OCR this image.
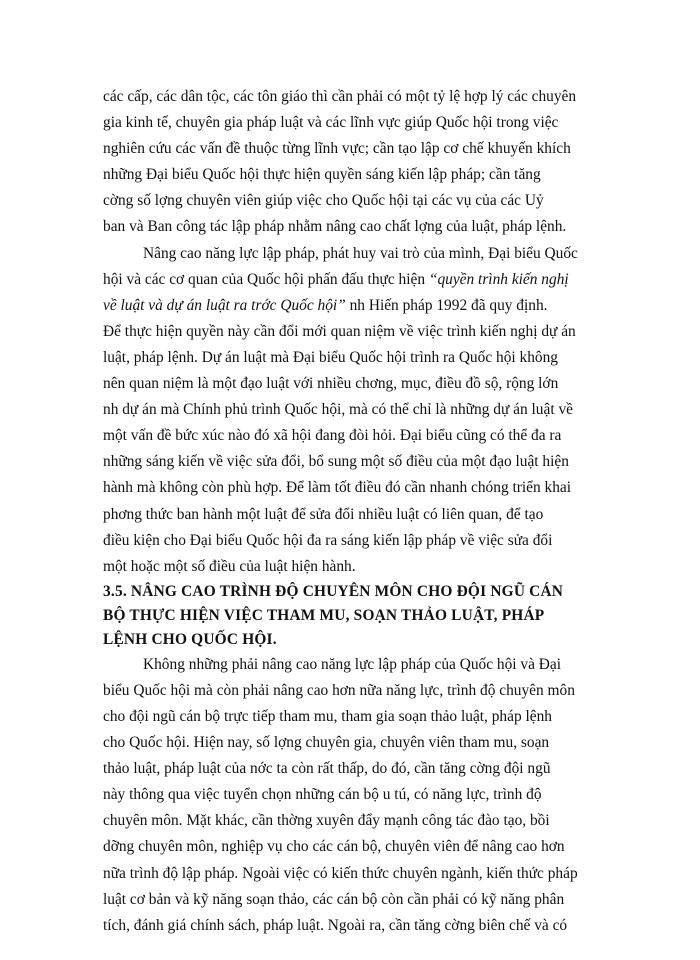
các cấp, các dân tộc, các tôn giáo thì cần phải có một tỷ lệ hợp lý các chuyên
gia kinh tế, chuyên gia pháp luật và các lĩnh vực giúp Quốc hội trong việc
nghiên cứu các vấn đề thuộc từng lĩnh vực; cần tạo lập cơ chế khuyến khích
những Đại biểu Quốc hội thực hiện quyền sáng kiến lập pháp; cần tăng
cờng số lợng chuyên viên giúp việc cho Quốc hội tại các vụ của các Uỷ
ban và Ban công tác lập pháp nhằm nâng cao chất lợng của luật, pháp lệnh.

Nâng cao năng lực lập pháp, phát huy vai trò của mình, Đại biểu Quốc
hội và các cơ quan của Quốc hội phấn đấu thực hiện “quyền trình kiến nghị
về luật và dự án luật ra trớc Quốc hội” nh Hiến pháp 1992 đã quy định.
Để thực hiện quyền này cần đổi mới quan niệm về việc trình kiến nghị dự án
luật, pháp lệnh. Dự án luật mà Đại biểu Quốc hội trình ra Quốc hội không
nên quan niệm là một đạo luật với nhiều chơng, mục, điều đồ sộ, rộng lớn
nh dự án mà Chính phủ trình Quốc hội, mà có thể chỉ là những dự án luật về
một vấn đề bức xúc nào đó xã hội đang đòi hỏi. Đại biểu cũng có thể đa ra
những sáng kiến về việc sửa đổi, bổ sung một số điều của một đạo luật hiện
hành mà không còn phù hợp. Để làm tốt điều đó cần nhanh chóng triển khai
phơng thức ban hành một luật để sửa đổi nhiều luật có liên quan, để tạo
điều kiện cho Đại biểu Quốc hội đa ra sáng kiến lập pháp về việc sửa đổi
một hoặc một số điều của luật hiện hành.

3.5. NÂNG CAO TRÌNH ĐỘ CHUYÊN MÔN CHO ĐỘI NGŨ CÁN
BỘ THỰC HIỆN VIỆC THAM MU, SOẠN THẢO LUẬT, PHÁP
LỆNH CHO QUỐC HỘI.

Không những phải nâng cao năng lực lập pháp của Quốc hội và Đại
biểu Quốc hội mà còn phải nâng cao hơn nữa năng lực, trình độ chuyên môn
cho đội ngũ cán bộ trực tiếp tham mu, tham gia soạn thảo luật, pháp lệnh
cho Quốc hội. Hiện nay, số lợng chuyên gia, chuyên viên tham mu, soạn
thảo luật, pháp luật của nớc ta còn rất thấp, do đó, cần tăng cờng đội ngũ
này thông qua việc tuyển chọn những cán bộ u tú, có năng lực, trình độ
chuyên môn. Mặt khác, cần thờng xuyên đẩy mạnh công tác đào tạo, bồi
dỡng chuyên môn, nghiệp vụ cho các cán bộ, chuyên viên để nâng cao hơn
nữa trình độ lập pháp. Ngoài việc có kiến thức chuyên ngành, kiến thức pháp
luật cơ bản và kỹ năng soạn thảo, các cán bộ còn cần phải có kỹ năng phân
tích, đánh giá chính sách, pháp luật. Ngoài ra, cần tăng cờng biên chế và có
